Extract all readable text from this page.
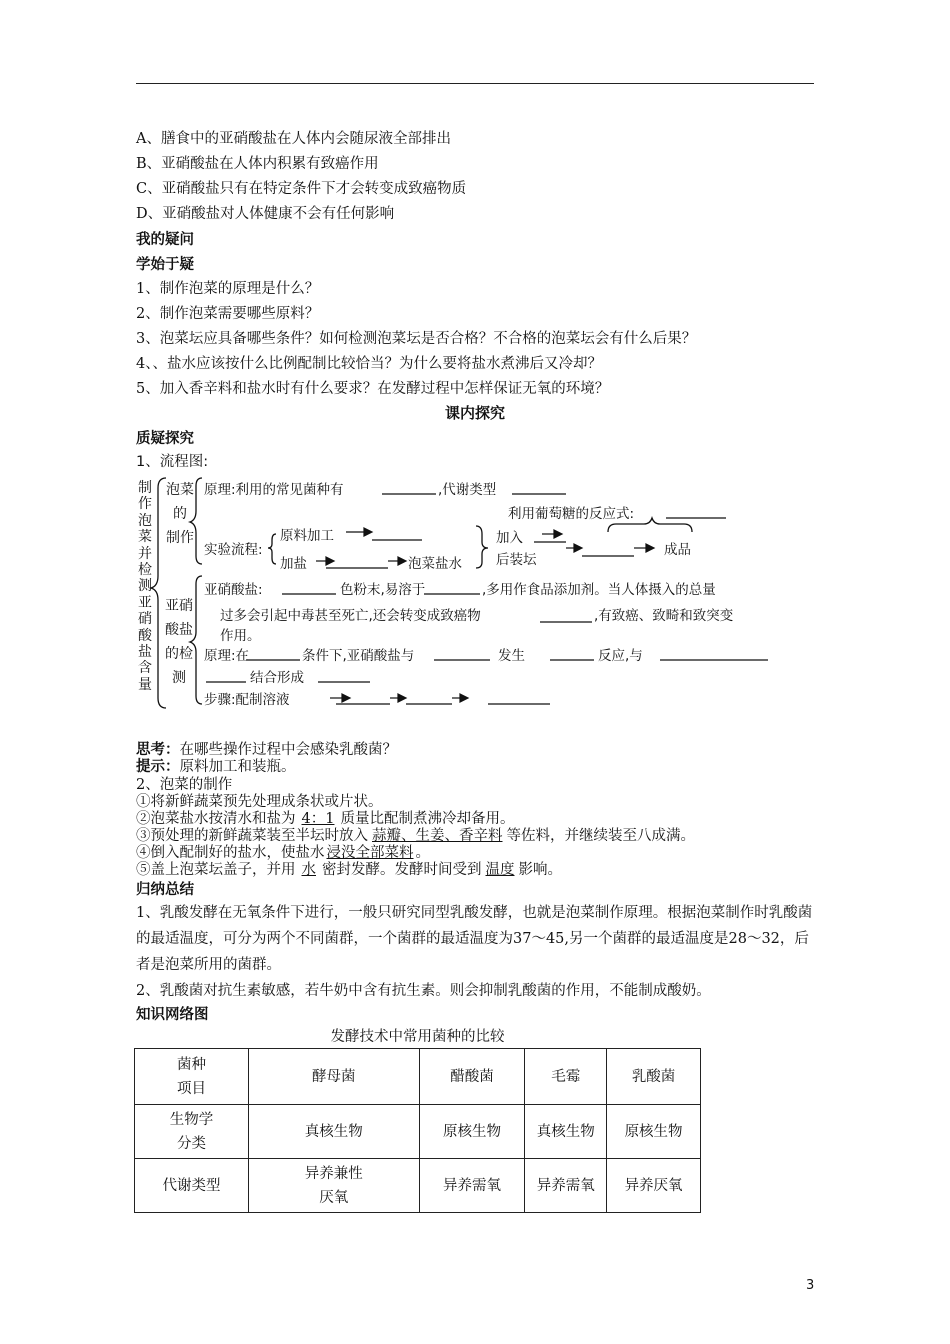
A、膳食中的亚硝酸盐在人体内会随尿液全部排出
B、亚硝酸盐在人体内积累有致癌作用
C、亚硝酸盐只有在特定条件下才会转变成致癌物质
D、亚硝酸盐对人体健康不会有任何影响
我的疑问
学始于疑
1、制作泡菜的原理是什么？
2、制作泡菜需要哪些原料？
3、泡菜坛应具备哪些条件？如何检测泡菜坛是否合格？不合格的泡菜坛会有什么后果？
4、、盐水应该按什么比例配制比较恰当？为什么要将盐水煮沸后又冷却？
5、加入香辛料和盐水时有什么要求？在发酵过程中怎样保证无氧的环境？
课内探究
质疑探究
1、流程图:
制作泡菜并检测亚硝酸盐含量
泡菜
的
制作
亚硝
酸盐
的检
测
原理:利用的常见菌种有	,代谢类型
利用葡萄糖的反应式:
实验流程:
原料加工
加盐	泡菜盐水
加入
后装坛
成品
亚硝酸盐:	色粉末,易溶于	,多用作食品添加剂。当人体摄入的总量
过多会引起中毒甚至死亡,还会转变成致癌物	,有致癌、致畸和致突变
作用。
原理:在	条件下,亚硝酸盐与	发生	反应,与
结合形成
步骤:配制溶液
思考：在哪些操作过程中会感染乳酸菌？
提示：原料加工和装瓶。
2、泡菜的制作
①将新鲜蔬菜预先处理成条状或片状。
②泡菜盐水按清水和盐为 4：1 质量比配制煮沸冷却备用。
③预处理的新鲜蔬菜装至半坛时放入 蒜瓣、生姜、香辛料 等佐料，并继续装至八成满。
④倒入配制好的盐水，使盐水 浸没全部菜料 。
⑤盖上泡菜坛盖子，并用 水 密封发酵。发酵时间受到 温度 影响。
归纳总结
1、乳酸发酵在无氧条件下进行，一般只研究同型乳酸发酵，也就是泡菜制作原理。根据泡菜制作时乳酸菌的最适温度，可分为两个不同菌群，一个菌群的最适温度为37～45,另一个菌群的最适温度是28～32，后者是泡菜所用的菌群。
2、乳酸菌对抗生素敏感，若牛奶中含有抗生素。则会抑制乳酸菌的作用，不能制成酸奶。
知识网络图
发酵技术中常用菌种的比较
菌种
项目	酵母菌	醋酸菌	毛霉	乳酸菌

生物学
分类	真核生物	原核生物	真核生物	原核生物
代谢类型	异养兼性
厌氧	异养需氧	异养需氧	异养厌氧
3
